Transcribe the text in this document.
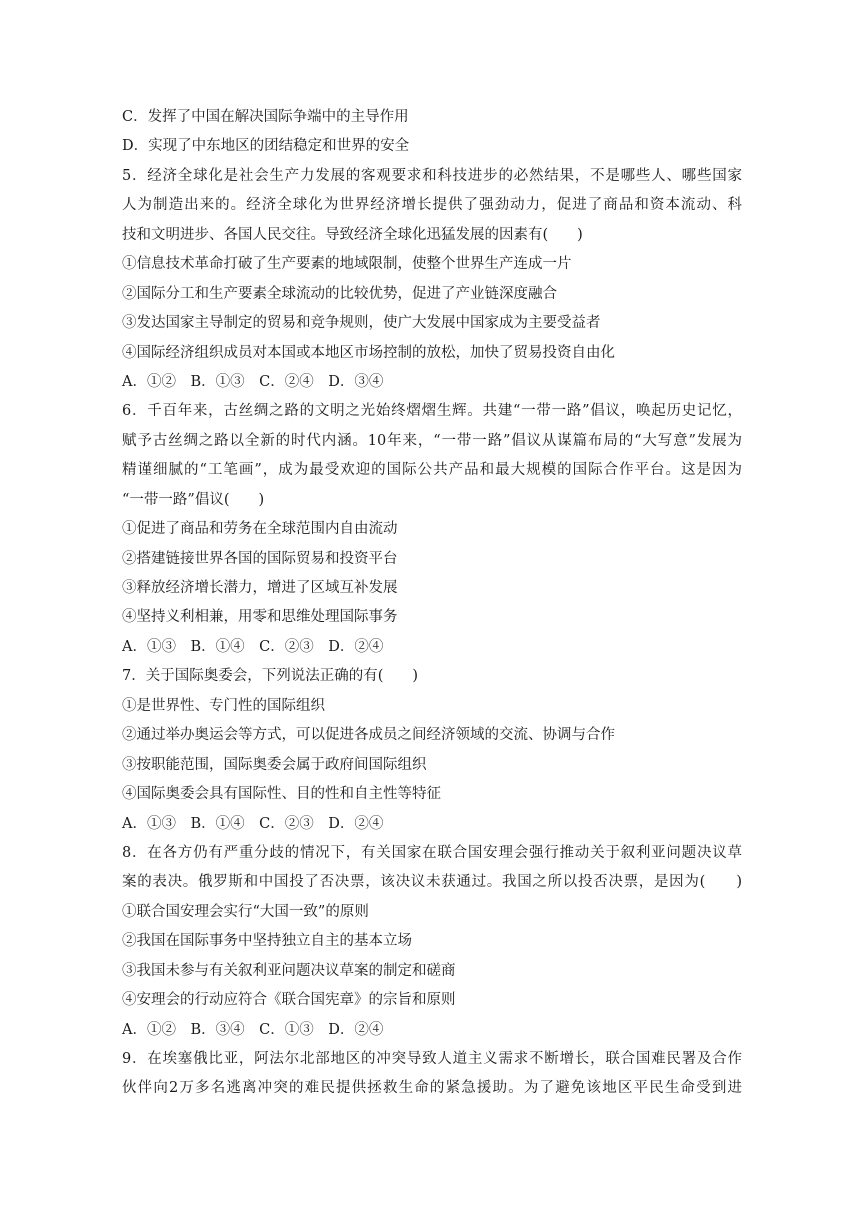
C．发挥了中国在解决国际争端中的主导作用
D．实现了中东地区的团结稳定和世界的安全
5．经济全球化是社会生产力发展的客观要求和科技进步的必然结果，不是哪些人、哪些国家
人为制造出来的。经济全球化为世界经济增长提供了强劲动力，促进了商品和资本流动、科
技和文明进步、各国人民交往。导致经济全球化迅猛发展的因素有(　　)
①信息技术革命打破了生产要素的地域限制，使整个世界生产连成一片
②国际分工和生产要素全球流动的比较优势，促进了产业链深度融合
③发达国家主导制定的贸易和竞争规则，使广大发展中国家成为主要受益者
④国际经济组织成员对本国或本地区市场控制的放松，加快了贸易投资自由化
A．①②　B．①③　C．②④　D．③④
6．千百年来，古丝绸之路的文明之光始终熠熠生辉。共建“一带一路”倡议，唤起历史记忆，
赋予古丝绸之路以全新的时代内涵。10年来，“一带一路”倡议从谋篇布局的“大写意”发展为
精谨细腻的“工笔画”，成为最受欢迎的国际公共产品和最大规模的国际合作平台。这是因为
“一带一路”倡议(　　)
①促进了商品和劳务在全球范围内自由流动
②搭建链接世界各国的国际贸易和投资平台
③释放经济增长潜力，增进了区域互补发展
④坚持义利相兼，用零和思维处理国际事务
A．①③　B．①④　C．②③　D．②④
7．关于国际奥委会，下列说法正确的有(　　)
①是世界性、专门性的国际组织
②通过举办奥运会等方式，可以促进各成员之间经济领域的交流、协调与合作
③按职能范围，国际奥委会属于政府间国际组织
④国际奥委会具有国际性、目的性和自主性等特征
A．①③　B．①④　C．②③　D．②④
8．在各方仍有严重分歧的情况下，有关国家在联合国安理会强行推动关于叙利亚问题决议草
案的表决。俄罗斯和中国投了否决票，该决议未获通过。我国之所以投否决票，是因为(　　)
①联合国安理会实行“大国一致”的原则
②我国在国际事务中坚持独立自主的基本立场
③我国未参与有关叙利亚问题决议草案的制定和磋商
④安理会的行动应符合《联合国宪章》的宗旨和原则
A．①②　B．③④　C．①③　D．②④
9．在埃塞俄比亚，阿法尔北部地区的冲突导致人道主义需求不断增长，联合国难民署及合作
伙伴向2万多名逃离冲突的难民提供拯救生命的紧急援助。为了避免该地区平民生命受到进
